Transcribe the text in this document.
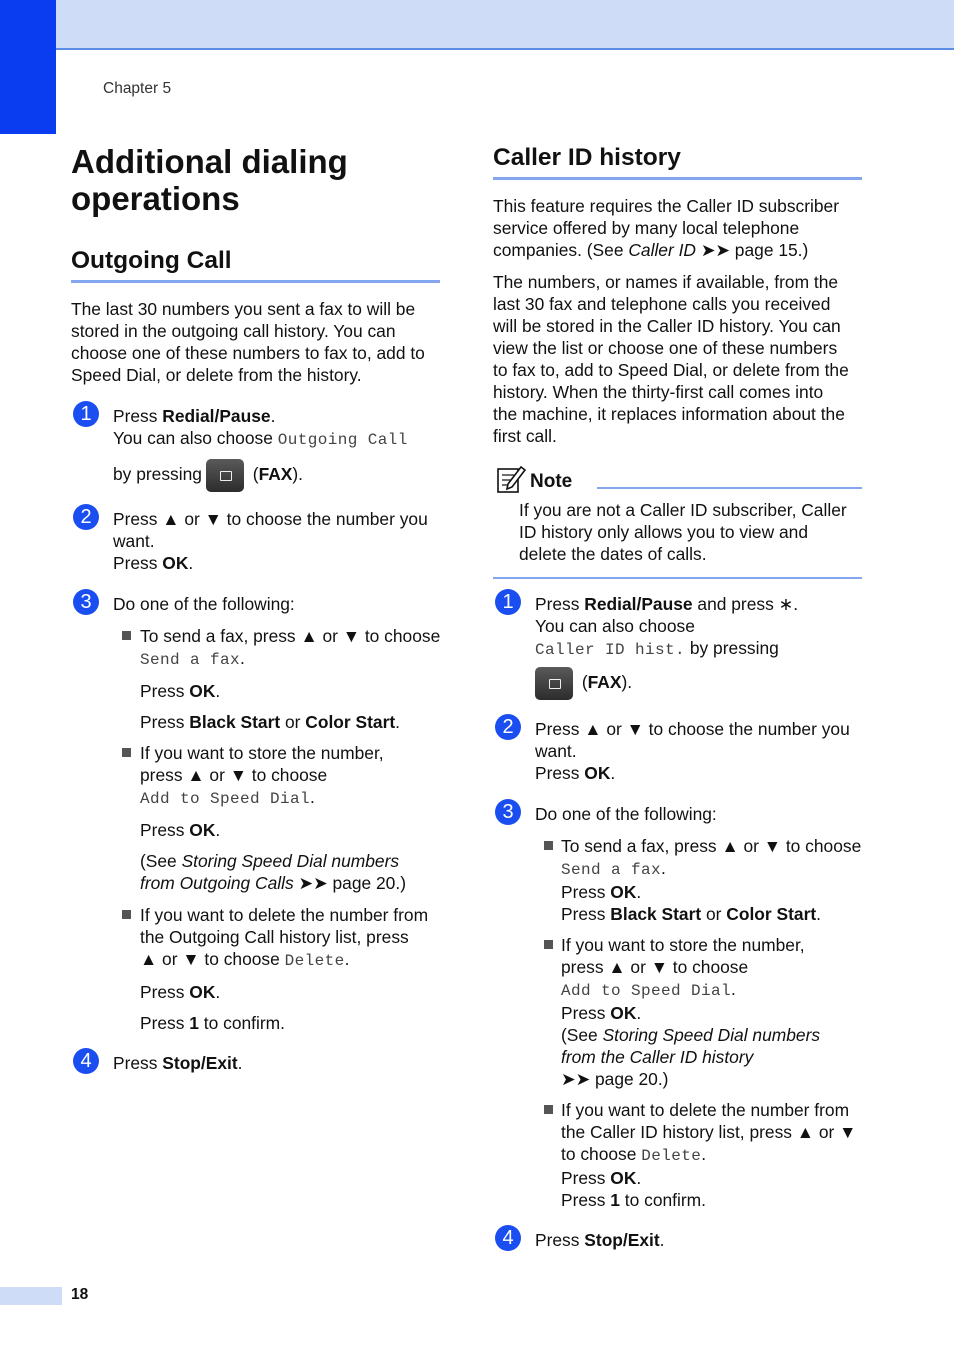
Chapter 5
Additional dialing
operations
Outgoing Call

The last 30 numbers you sent a fax to will be

stored in the outgoing call history. You can

choose one of these numbers to fax to, add to

Speed Dial, or delete from the history.

1	Press Redial/Pause.

You can also choose Outgoing Call

by pressing	(FAX).

2	Press ▲ or ▼ to choose the number you

want.

Press OK.

3	Do one of the following:

To send a fax, press ▲ or ▼ to choose

Send a fax.

Press OK.

Press Black Start or Color Start.

If you want to store the number,

press ▲ or ▼ to choose

Add to Speed Dial.

Press OK.

(See Storing Speed Dial numbers

from Outgoing Calls ➤➤ page 20.)

If you want to delete the number from

the Outgoing Call history list, press

▲ or ▼ to choose Delete.

Press OK.

Press 1 to confirm.

4	Press Stop/Exit.
Caller ID history

This feature requires the Caller ID subscriber

service offered by many local telephone

companies. (See Caller ID ➤➤ page 15.)

The numbers, or names if available, from the

last 30 fax and telephone calls you received

will be stored in the Caller ID history. You can

view the list or choose one of these numbers

to fax to, add to Speed Dial, or delete from the

history. When the thirty-first call comes into

the machine, it replaces information about the

first call.

Note

If you are not a Caller ID subscriber, Caller

ID history only allows you to view and

delete the dates of calls.

1	Press Redial/Pause and press ∗.

You can also choose

Caller ID hist. by pressing

(FAX).

2	Press ▲ or ▼ to choose the number you

want.

Press OK.

3	Do one of the following:

To send a fax, press ▲ or ▼ to choose

Send a fax.

Press OK.

Press Black Start or Color Start.

If you want to store the number,

press ▲ or ▼ to choose

Add to Speed Dial.

Press OK.

(See Storing Speed Dial numbers

from the Caller ID history

➤➤ page 20.)

If you want to delete the number from

the Caller ID history list, press ▲ or ▼

to choose Delete.

Press OK.

Press 1 to confirm.

4	Press Stop/Exit.
18
